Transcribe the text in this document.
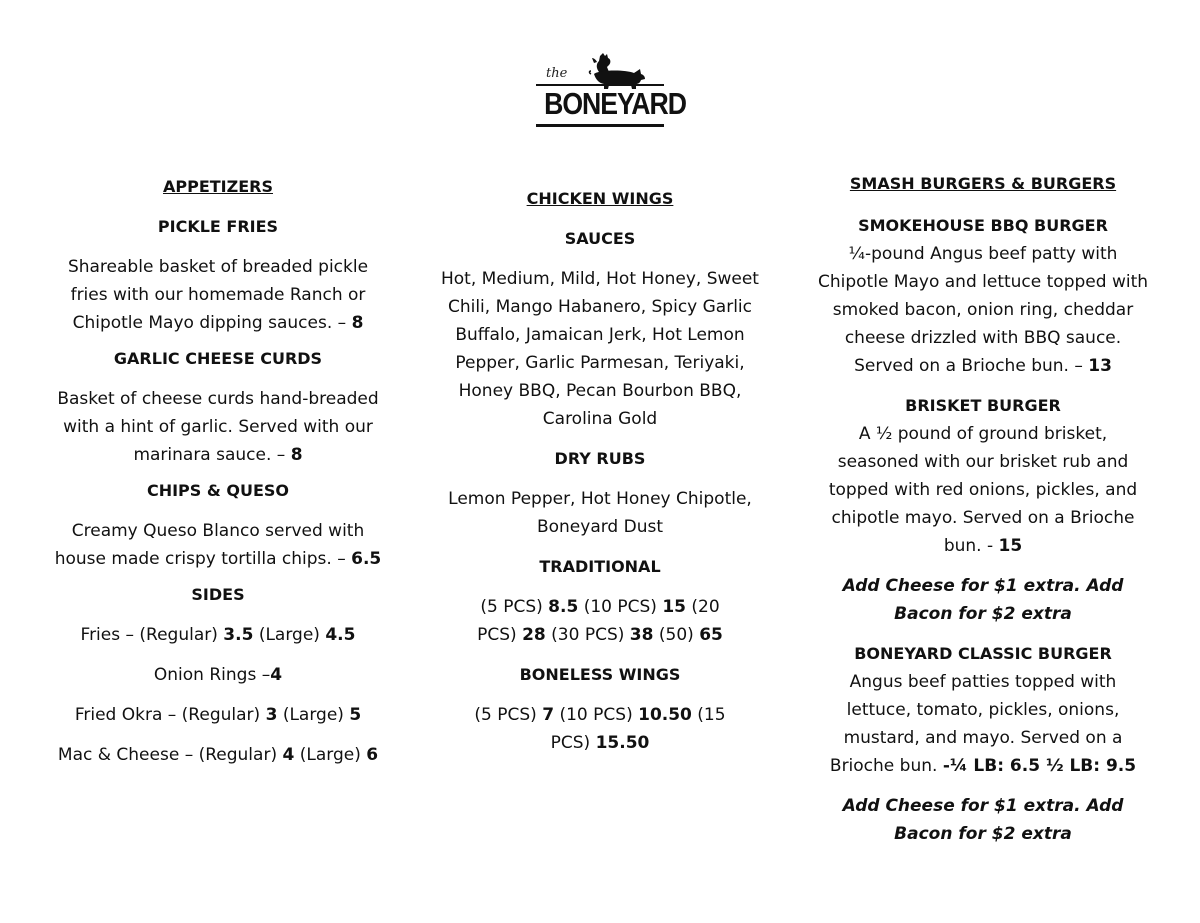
the
BONEYARD

APPETIZERS

PICKLE FRIES

Shareable basket of breaded pickle fries with our homemade Ranch or Chipotle Mayo dipping sauces. – 8

GARLIC CHEESE CURDS

Basket of cheese curds hand-breaded with a hint of garlic. Served with our marinara sauce. – 8

CHIPS & QUESO

Creamy Queso Blanco served with house made crispy tortilla chips. – 6.5

SIDES

Fries – (Regular) 3.5 (Large) 4.5

Onion Rings –4

Fried Okra – (Regular) 3 (Large) 5

Mac & Cheese – (Regular) 4 (Large) 6

CHICKEN WINGS

SAUCES

Hot, Medium, Mild, Hot Honey, Sweet Chili, Mango Habanero, Spicy Garlic Buffalo, Jamaican Jerk, Hot Lemon Pepper, Garlic Parmesan, Teriyaki, Honey BBQ, Pecan Bourbon BBQ, Carolina Gold

DRY RUBS

Lemon Pepper, Hot Honey Chipotle, Boneyard Dust

TRADITIONAL

(5 PCS) 8.5 (10 PCS) 15 (20 PCS) 28 (30 PCS) 38 (50) 65

BONELESS WINGS

(5 PCS) 7 (10 PCS) 10.50 (15 PCS) 15.50

SMASH BURGERS & BURGERS

SMOKEHOUSE BBQ BURGER

¼-pound Angus beef patty with Chipotle Mayo and lettuce topped with smoked bacon, onion ring, cheddar cheese drizzled with BBQ sauce. Served on a Brioche bun. – 13

BRISKET BURGER

A ½ pound of ground brisket, seasoned with our brisket rub and topped with red onions, pickles, and chipotle mayo. Served on a Brioche bun. - 15

Add Cheese for $1 extra. Add Bacon for $2 extra

BONEYARD CLASSIC BURGER

Angus beef patties topped with lettuce, tomato, pickles, onions, mustard, and mayo. Served on a Brioche bun. -¼ LB: 6.5 ½ LB: 9.5

Add Cheese for $1 extra. Add Bacon for $2 extra
